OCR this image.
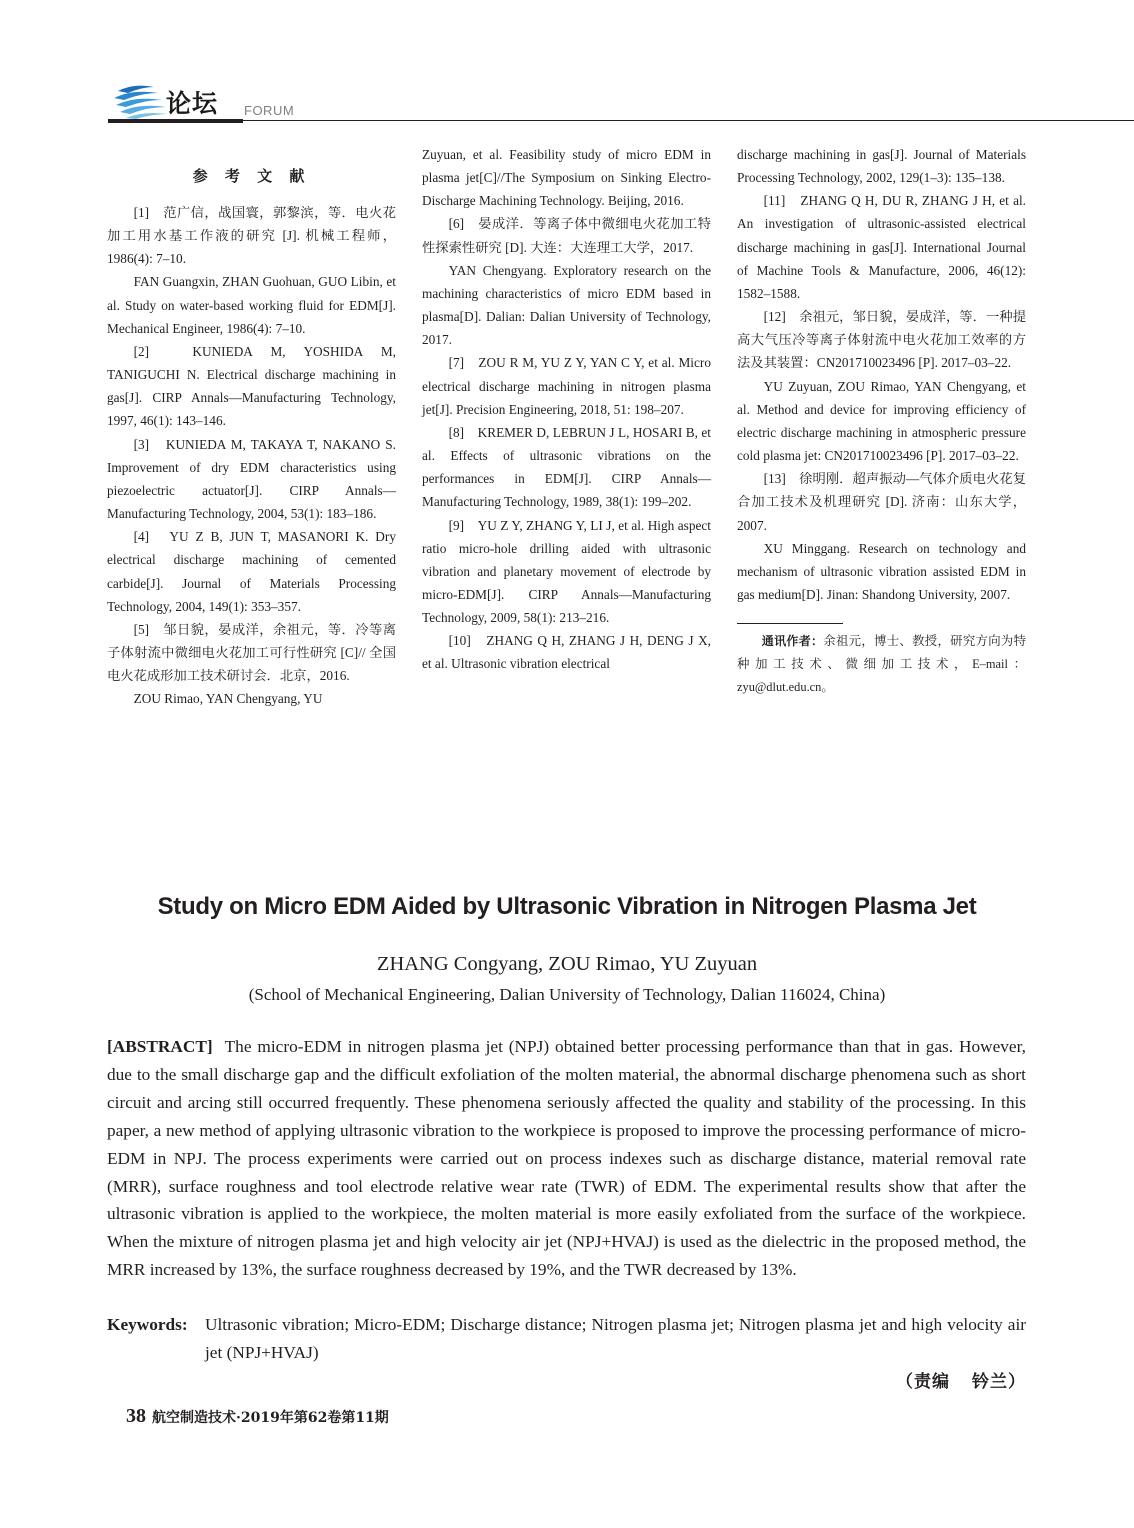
论坛 FORUM
参 考 文 献

[1]　范广信，战国寰，郭黎滨，等．电火花加工用水基工作液的研究 [J]. 机械工程师，1986(4): 7–10.

FAN Guangxin, ZHAN Guohuan, GUO Libin, et al. Study on water-based working fluid for EDM[J]. Mechanical Engineer, 1986(4): 7–10.

[2]　KUNIEDA M, YOSHIDA M, TANIGUCHI N. Electrical discharge machining in gas[J]. CIRP Annals—Manufacturing Technology, 1997, 46(1): 143–146.

[3]　KUNIEDA M, TAKAYA T, NAKANO S. Improvement of dry EDM characteristics using piezoelectric actuator[J]. CIRP Annals—Manufacturing Technology, 2004, 53(1): 183–186.

[4]　YU Z B, JUN T, MASANORI K. Dry electrical discharge machining of cemented carbide[J]. Journal of Materials Processing Technology, 2004, 149(1): 353–357.

[5]　邹日貌，晏成洋，余祖元，等．冷等离子体射流中微细电火花加工可行性研究 [C]// 全国电火花成形加工技术研讨会．北京，2016.

ZOU Rimao, YAN Chengyang, YU

Zuyuan, et al. Feasibility study of micro EDM in plasma jet[C]//The Symposium on Sinking Electro-Discharge Machining Technology. Beijing, 2016.

[6]　晏成洋．等离子体中微细电火花加工特性探索性研究 [D]. 大连：大连理工大学，2017.

YAN Chengyang. Exploratory research on the machining characteristics of micro EDM based in plasma[D]. Dalian: Dalian University of Technology, 2017.

[7]　ZOU R M, YU Z Y, YAN C Y, et al. Micro electrical discharge machining in nitrogen plasma jet[J]. Precision Engineering, 2018, 51: 198–207.

[8]　KREMER D, LEBRUN J L, HOSARI B, et al. Effects of ultrasonic vibrations on the performances in EDM[J]. CIRP Annals—Manufacturing Technology, 1989, 38(1): 199–202.

[9]　YU Z Y, ZHANG Y, LI J, et al. High aspect ratio micro-hole drilling aided with ultrasonic vibration and planetary movement of electrode by micro-EDM[J]. CIRP Annals—Manufacturing Technology, 2009, 58(1): 213–216.

[10]　ZHANG Q H, ZHANG J H, DENG J X, et al. Ultrasonic vibration electrical

discharge machining in gas[J]. Journal of Materials Processing Technology, 2002, 129(1–3): 135–138.

[11]　ZHANG Q H, DU R, ZHANG J H, et al. An investigation of ultrasonic-assisted electrical discharge machining in gas[J]. International Journal of Machine Tools & Manufacture, 2006, 46(12): 1582–1588.

[12]　余祖元，邹日貌，晏成洋，等．一种提高大气压冷等离子体射流中电火花加工效率的方法及其装置：CN201710023496 [P]. 2017–03–22.

YU Zuyuan, ZOU Rimao, YAN Chengyang, et al. Method and device for improving efficiency of electric discharge machining in atmospheric pressure cold plasma jet: CN201710023496 [P]. 2017–03–22.

[13]　徐明刚．超声振动—气体介质电火花复合加工技术及机理研究 [D]. 济南：山东大学，2007.

XU Minggang. Research on technology and mechanism of ultrasonic vibration assisted EDM in gas medium[D]. Jinan: Shandong University, 2007.

通讯作者：余祖元，博士、教授，研究方向为特种加工技术、微细加工技术，E–mail：zyu@dlut.edu.cn。

Study on Micro EDM Aided by Ultrasonic Vibration in Nitrogen Plasma Jet
ZHANG Congyang, ZOU Rimao, YU Zuyuan
(School of Mechanical Engineering, Dalian University of Technology, Dalian 116024, China)

[ABSTRACT] The micro-EDM in nitrogen plasma jet (NPJ) obtained better processing performance than that in gas. However, due to the small discharge gap and the difficult exfoliation of the molten material, the abnormal discharge phenomena such as short circuit and arcing still occurred frequently. These phenomena seriously affected the quality and stability of the processing. In this paper, a new method of applying ultrasonic vibration to the workpiece is proposed to improve the processing performance of micro-EDM in NPJ. The process experiments were carried out on process indexes such as discharge distance, material removal rate (MRR), surface roughness and tool electrode relative wear rate (TWR) of EDM. The experimental results show that after the ultrasonic vibration is applied to the workpiece, the molten material is more easily exfoliated from the surface of the workpiece. When the mixture of nitrogen plasma jet and high velocity air jet (NPJ+HVAJ) is used as the dielectric in the proposed method, the MRR increased by 13%, the surface roughness decreased by 19%, and the TWR decreased by 13%.

Keywords: Ultrasonic vibration; Micro-EDM; Discharge distance; Nitrogen plasma jet; Nitrogen plasma jet and high velocity air jet (NPJ+HVAJ)
（责编 钤兰）
38 航空制造技术·2019年第62卷第11期
